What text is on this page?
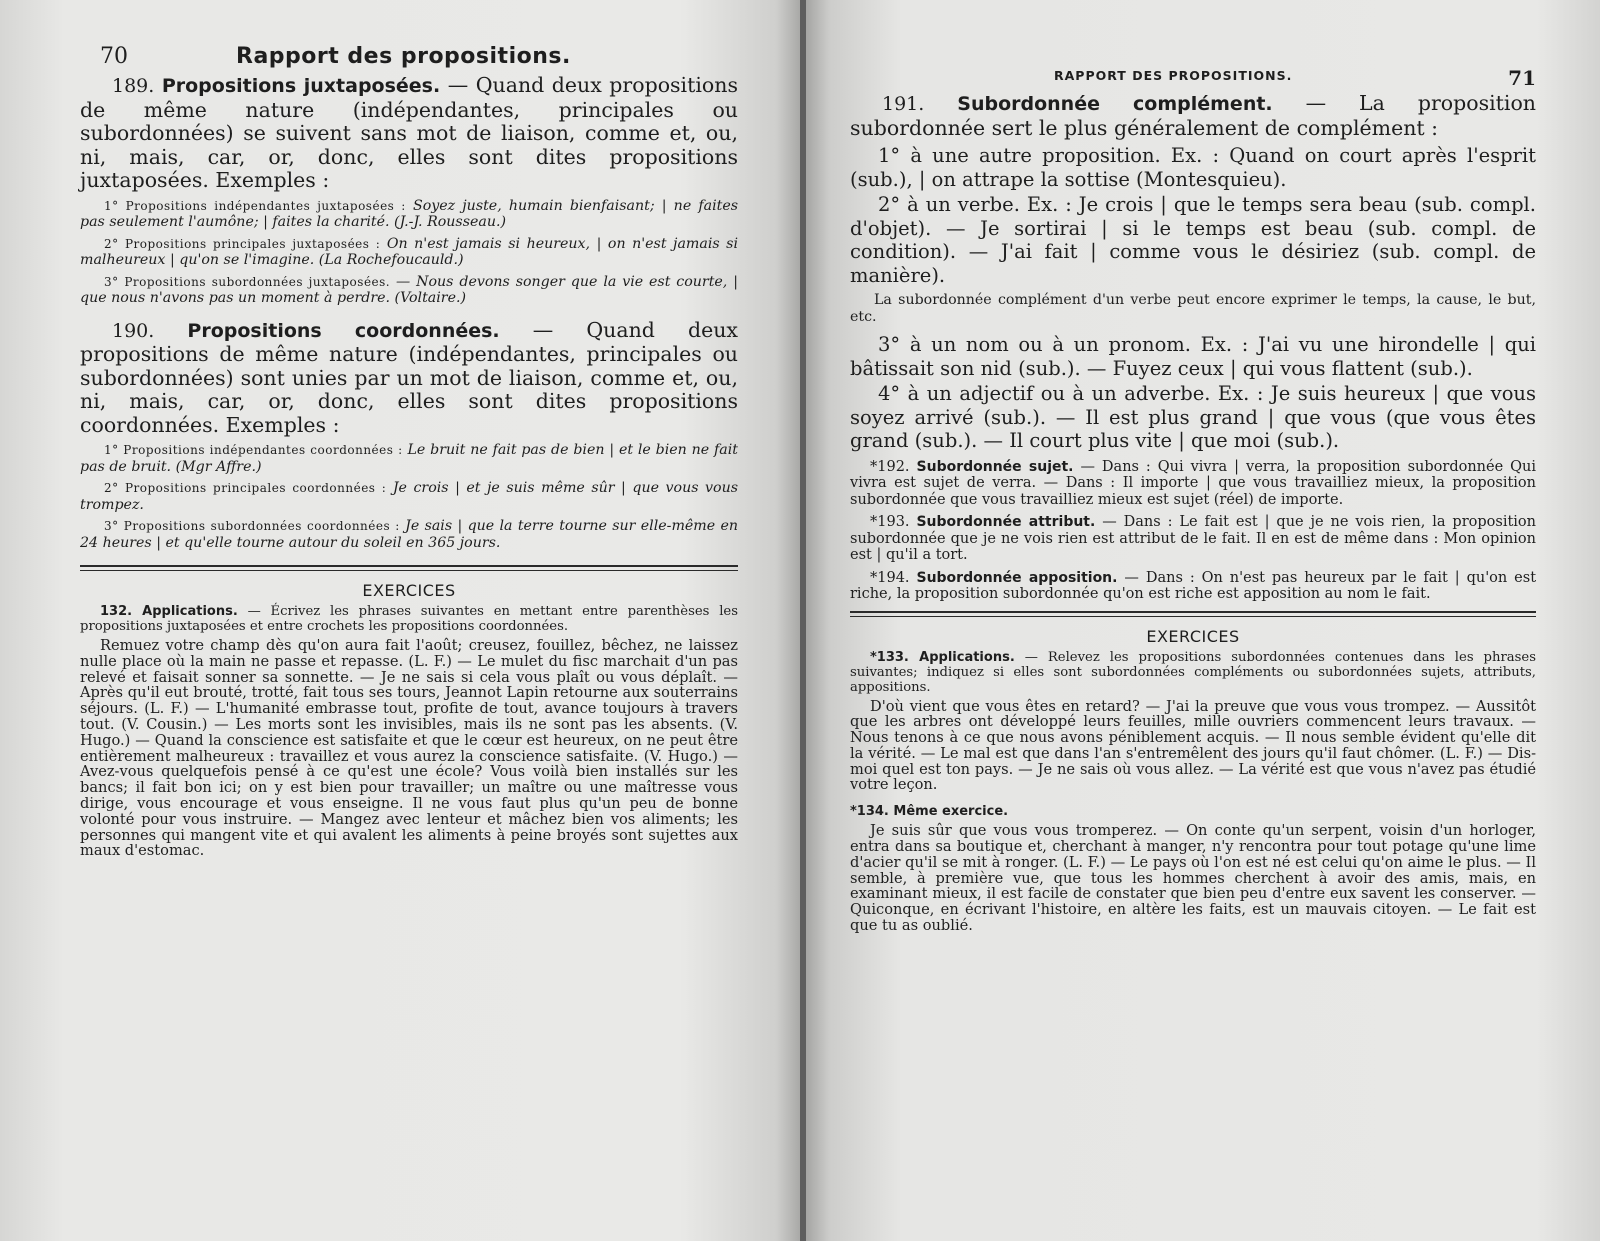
70	Rapport des propositions.

189. Propositions juxtaposées. — Quand deux propositions de même nature (indépendantes, principales ou subordonnées) se suivent sans mot de liaison, comme et, ou, ni, mais, car, or, donc, elles sont dites propositions juxtaposées. Exemples :

1° Propositions indépendantes juxtaposées : Soyez juste, humain bienfaisant; | ne faites pas seulement l'aumône; | faites la charité. (J.-J. Rousseau.)

2° Propositions principales juxtaposées : On n'est jamais si heureux, | on n'est jamais si malheureux | qu'on se l'imagine. (La Rochefoucauld.)

3° Propositions subordonnées juxtaposées. — Nous devons songer que la vie est courte, | que nous n'avons pas un moment à perdre. (Voltaire.)

190. Propositions coordonnées. — Quand deux propositions de même nature (indépendantes, principales ou subordonnées) sont unies par un mot de liaison, comme et, ou, ni, mais, car, or, donc, elles sont dites propositions coordonnées. Exemples :

1° Propositions indépendantes coordonnées : Le bruit ne fait pas de bien | et le bien ne fait pas de bruit. (Mgr Affre.)

2° Propositions principales coordonnées : Je crois | et je suis même sûr | que vous vous trompez.

3° Propositions subordonnées coordonnées : Je sais | que la terre tourne sur elle-même en 24 heures | et qu'elle tourne autour du soleil en 365 jours.

EXERCICES

132. Applications. — Écrivez les phrases suivantes en mettant entre parenthèses les propositions juxtaposées et entre crochets les propositions coordonnées.

Remuez votre champ dès qu'on aura fait l'août; creusez, fouillez, bêchez, ne laissez nulle place où la main ne passe et repasse. (L. F.) — Le mulet du fisc marchait d'un pas relevé et faisait sonner sa sonnette. — Je ne sais si cela vous plaît ou vous déplaît. — Après qu'il eut brouté, trotté, fait tous ses tours, Jeannot Lapin retourne aux souterrains séjours. (L. F.) — L'humanité embrasse tout, profite de tout, avance toujours à travers tout. (V. Cousin.) — Les morts sont les invisibles, mais ils ne sont pas les absents. (V. Hugo.) — Quand la conscience est satisfaite et que le cœur est heureux, on ne peut être entièrement malheureux : travaillez et vous aurez la conscience satisfaite. (V. Hugo.) — Avez-vous quelquefois pensé à ce qu'est une école? Vous voilà bien installés sur les bancs; il fait bon ici; on y est bien pour travailler; un maître ou une maîtresse vous dirige, vous encourage et vous enseigne. Il ne vous faut plus qu'un peu de bonne volonté pour vous instruire. — Mangez avec lenteur et mâchez bien vos aliments; les personnes qui mangent vite et qui avalent les aliments à peine broyés sont sujettes aux maux d'estomac.

RAPPORT DES PROPOSITIONS.	71

191. Subordonnée complément. — La proposition subordonnée sert le plus généralement de complément :

1° à une autre proposition. Ex. : Quand on court après l'esprit (sub.), | on attrape la sottise (Montesquieu).

2° à un verbe. Ex. : Je crois | que le temps sera beau (sub. compl. d'objet). — Je sortirai | si le temps est beau (sub. compl. de condition). — J'ai fait | comme vous le désiriez (sub. compl. de manière).

La subordonnée complément d'un verbe peut encore exprimer le temps, la cause, le but, etc.

3° à un nom ou à un pronom. Ex. : J'ai vu une hirondelle | qui bâtissait son nid (sub.). — Fuyez ceux | qui vous flattent (sub.).

4° à un adjectif ou à un adverbe. Ex. : Je suis heureux | que vous soyez arrivé (sub.). — Il est plus grand | que vous (que vous êtes grand (sub.). — Il court plus vite | que moi (sub.).

*192. Subordonnée sujet. — Dans : Qui vivra | verra, la proposition subordonnée Qui vivra est sujet de verra. — Dans : Il importe | que vous travailliez mieux, la proposition subordonnée que vous travailliez mieux est sujet (réel) de importe.

*193. Subordonnée attribut. — Dans : Le fait est | que je ne vois rien, la proposition subordonnée que je ne vois rien est attribut de le fait. Il en est de même dans : Mon opinion est | qu'il a tort.

*194. Subordonnée apposition. — Dans : On n'est pas heureux par le fait | qu'on est riche, la proposition subordonnée qu'on est riche est apposition au nom le fait.

EXERCICES

*133. Applications. — Relevez les propositions subordonnées contenues dans les phrases suivantes; indiquez si elles sont subordonnées compléments ou subordonnées sujets, attributs, appositions.

D'où vient que vous êtes en retard? — J'ai la preuve que vous vous trompez. — Aussitôt que les arbres ont développé leurs feuilles, mille ouvriers commencent leurs travaux. — Nous tenons à ce que nous avons péniblement acquis. — Il nous semble évident qu'elle dit la vérité. — Le mal est que dans l'an s'entremêlent des jours qu'il faut chômer. (L. F.) — Dis-moi quel est ton pays. — Je ne sais où vous allez. — La vérité est que vous n'avez pas étudié votre leçon.

*134. Même exercice.

Je suis sûr que vous vous tromperez. — On conte qu'un serpent, voisin d'un horloger, entra dans sa boutique et, cherchant à manger, n'y rencontra pour tout potage qu'une lime d'acier qu'il se mit à ronger. (L. F.) — Le pays où l'on est né est celui qu'on aime le plus. — Il semble, à première vue, que tous les hommes cherchent à avoir des amis, mais, en examinant mieux, il est facile de constater que bien peu d'entre eux savent les conserver. — Quiconque, en écrivant l'histoire, en altère les faits, est un mauvais citoyen. — Le fait est que tu as oublié.
